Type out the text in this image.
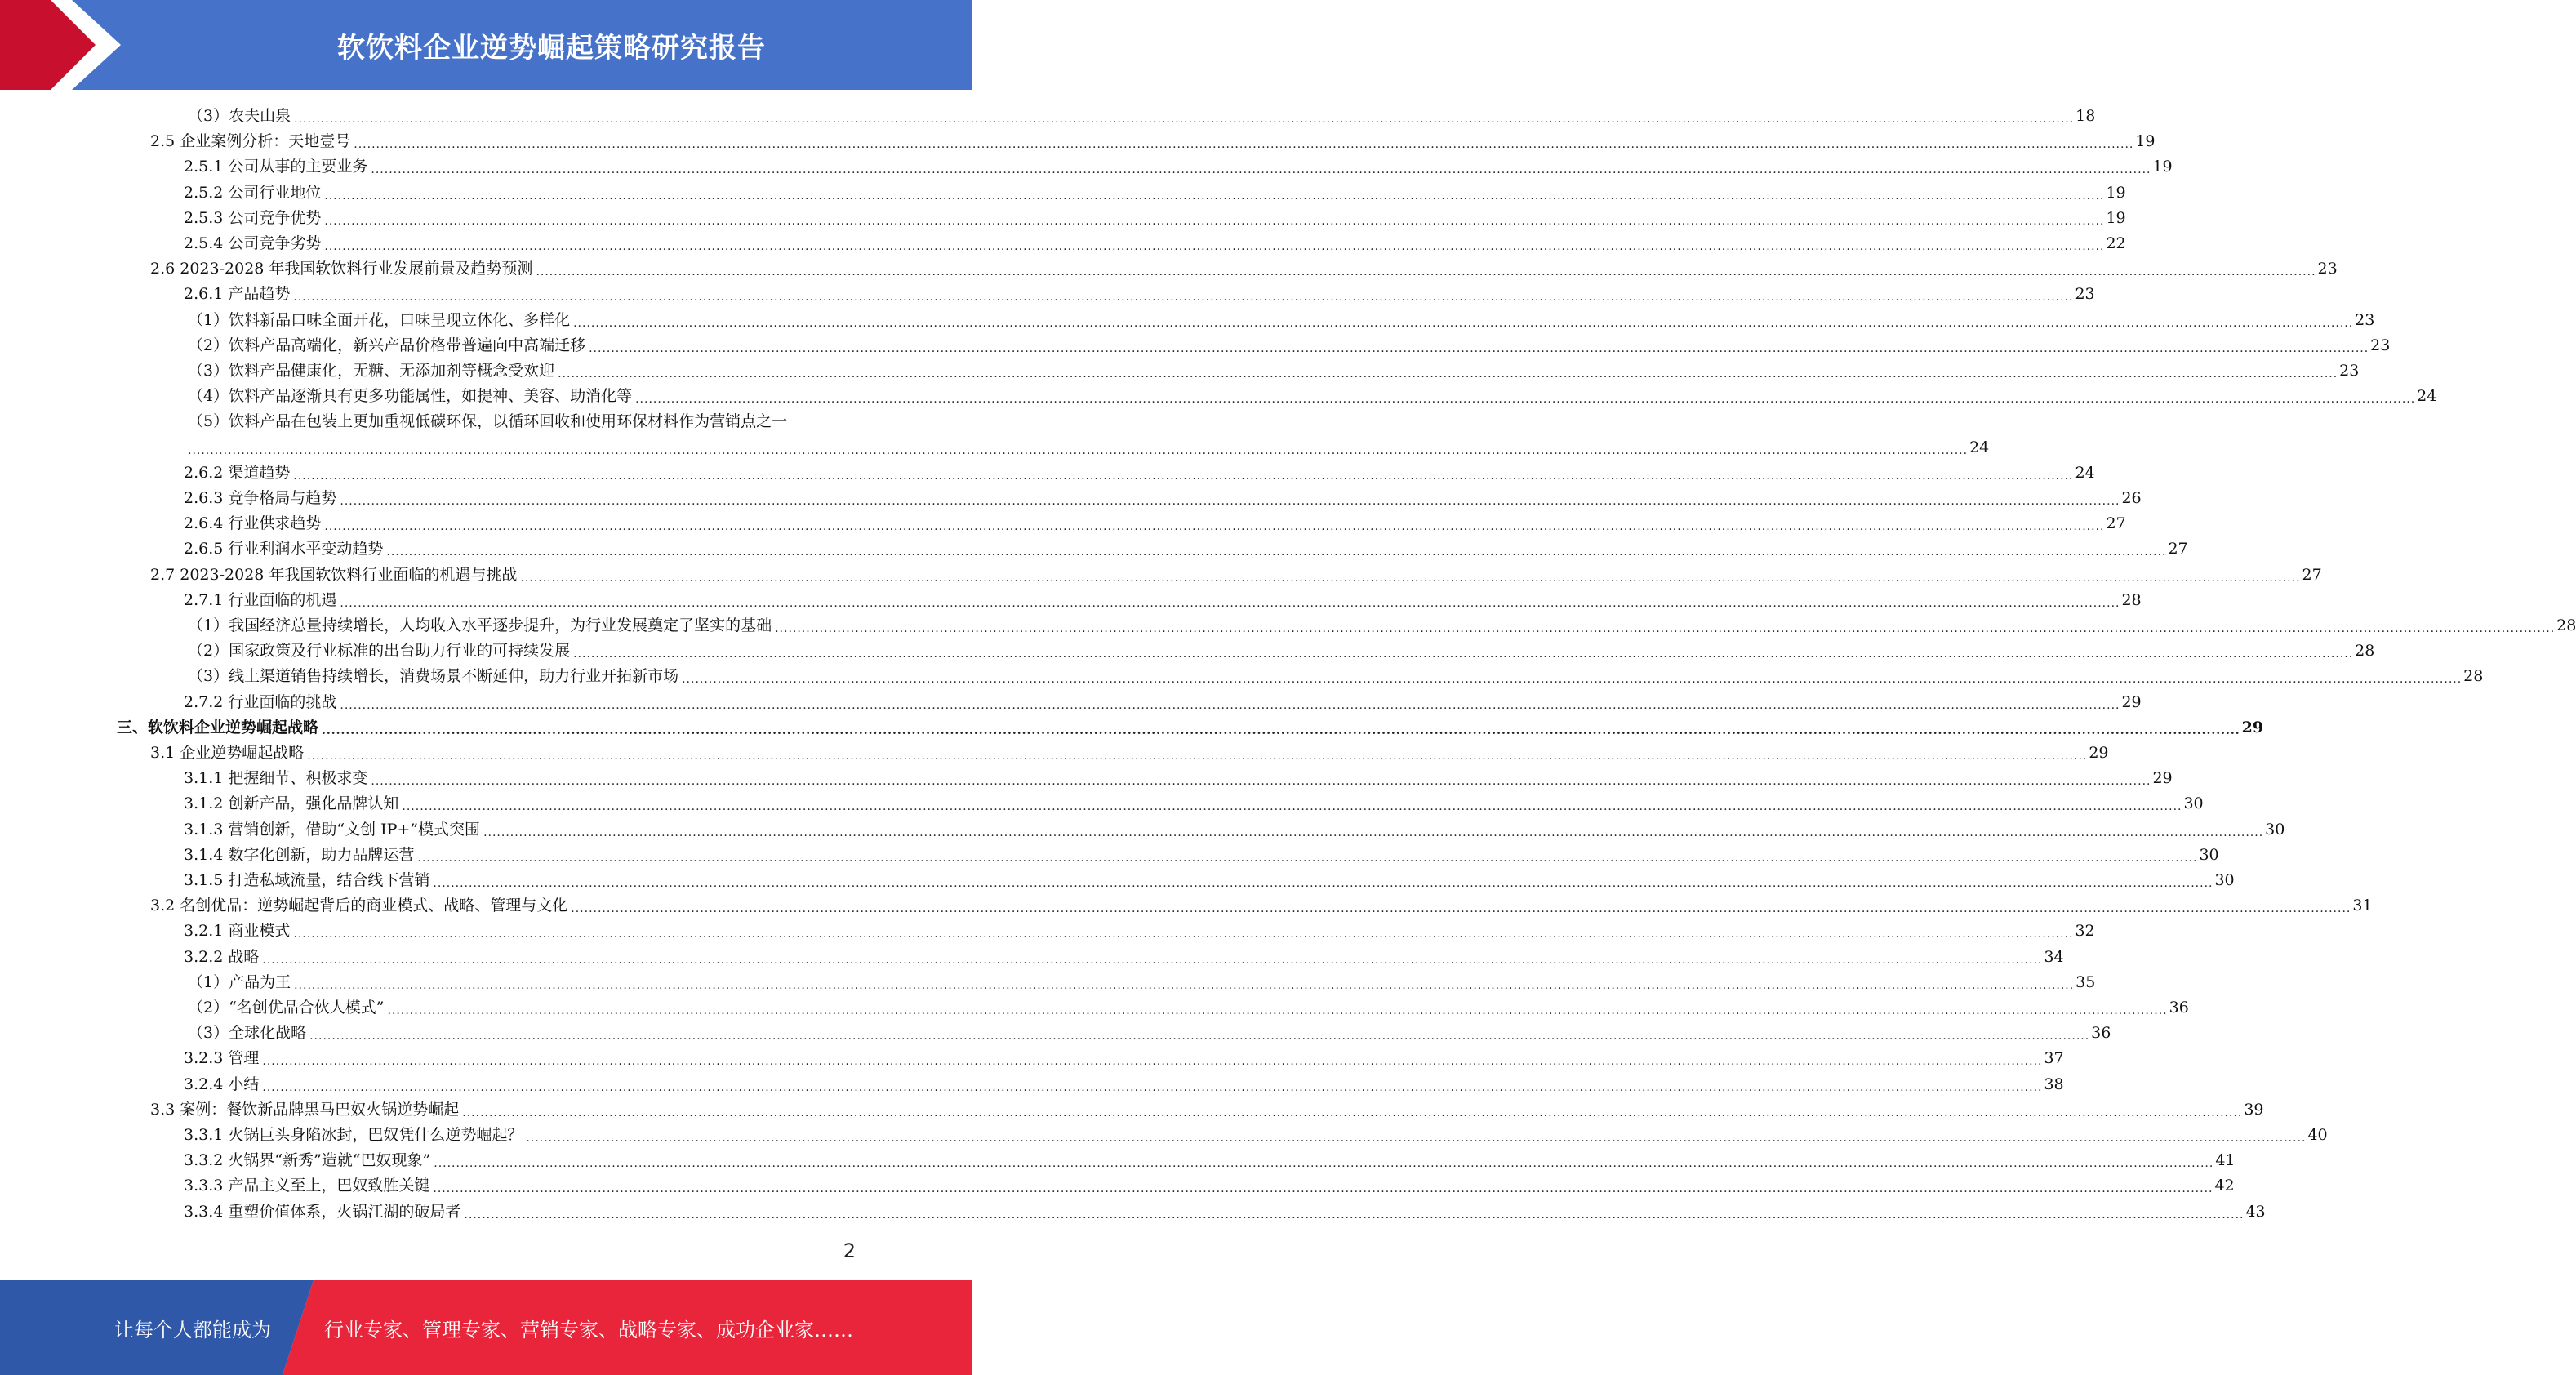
软饮料企业逆势崛起策略研究报告
（3）农夫山泉 ................................................................................................................................................................................................................................................................................................................................................................................................................ 18
2.5 企业案例分析：天地壹号 ................................................................................................................................................................................................................................................................................................................................................................................................................ 19
2.5.1 公司从事的主要业务 ................................................................................................................................................................................................................................................................................................................................................................................................................ 19
2.5.2 公司行业地位 ................................................................................................................................................................................................................................................................................................................................................................................................................ 19
2.5.3 公司竞争优势 ................................................................................................................................................................................................................................................................................................................................................................................................................ 19
2.5.4 公司竞争劣势 ................................................................................................................................................................................................................................................................................................................................................................................................................ 22
2.6 2023-2028 年我国软饮料行业发展前景及趋势预测 ................................................................................................................................................................................................................................................................................................................................................................................................................ 23
2.6.1 产品趋势 ................................................................................................................................................................................................................................................................................................................................................................................................................ 23
（1）饮料新品口味全面开花，口味呈现立体化、多样化 ................................................................................................................................................................................................................................................................................................................................................................................................................ 23
（2）饮料产品高端化，新兴产品价格带普遍向中高端迁移 ................................................................................................................................................................................................................................................................................................................................................................................................................ 23
（3）饮料产品健康化，无糖、无添加剂等概念受欢迎 ................................................................................................................................................................................................................................................................................................................................................................................................................ 23
（4）饮料产品逐渐具有更多功能属性，如提神、美容、助消化等 ................................................................................................................................................................................................................................................................................................................................................................................................................ 24
（5）饮料产品在包装上更加重视低碳环保，以循环回收和使用环保材料作为营销点之一
................................................................................................................................................................................................................................................................................................................................................................................................................ 24
2.6.2 渠道趋势 ................................................................................................................................................................................................................................................................................................................................................................................................................ 24
2.6.3 竞争格局与趋势 ................................................................................................................................................................................................................................................................................................................................................................................................................ 26
2.6.4 行业供求趋势 ................................................................................................................................................................................................................................................................................................................................................................................................................ 27
2.6.5 行业利润水平变动趋势 ................................................................................................................................................................................................................................................................................................................................................................................................................ 27
2.7 2023-2028 年我国软饮料行业面临的机遇与挑战 ................................................................................................................................................................................................................................................................................................................................................................................................................ 27
2.7.1 行业面临的机遇 ................................................................................................................................................................................................................................................................................................................................................................................................................ 28
（1）我国经济总量持续增长，人均收入水平逐步提升，为行业发展奠定了坚实的基础 ................................................................................................................................................................................................................................................................................................................................................................................................................ 28
（2）国家政策及行业标准的出台助力行业的可持续发展 ................................................................................................................................................................................................................................................................................................................................................................................................................ 28
（3）线上渠道销售持续增长，消费场景不断延伸，助力行业开拓新市场 ................................................................................................................................................................................................................................................................................................................................................................................................................ 28
2.7.2 行业面临的挑战 ................................................................................................................................................................................................................................................................................................................................................................................................................ 29
三、软饮料企业逆势崛起战略 ................................................................................................................................................................................................................................................................................................................................................................................................................ 29
3.1 企业逆势崛起战略 ................................................................................................................................................................................................................................................................................................................................................................................................................ 29
3.1.1 把握细节、积极求变 ................................................................................................................................................................................................................................................................................................................................................................................................................ 29
3.1.2 创新产品，强化品牌认知 ................................................................................................................................................................................................................................................................................................................................................................................................................ 30
3.1.3 营销创新，借助“文创 IP+”模式突围 ................................................................................................................................................................................................................................................................................................................................................................................................................ 30
3.1.4 数字化创新，助力品牌运营 ................................................................................................................................................................................................................................................................................................................................................................................................................ 30
3.1.5 打造私域流量，结合线下营销 ................................................................................................................................................................................................................................................................................................................................................................................................................ 30
3.2 名创优品：逆势崛起背后的商业模式、战略、管理与文化 ................................................................................................................................................................................................................................................................................................................................................................................................................ 31
3.2.1 商业模式 ................................................................................................................................................................................................................................................................................................................................................................................................................ 32
3.2.2 战略 ................................................................................................................................................................................................................................................................................................................................................................................................................ 34
（1）产品为王 ................................................................................................................................................................................................................................................................................................................................................................................................................ 35
（2）“名创优品合伙人模式” ................................................................................................................................................................................................................................................................................................................................................................................................................ 36
（3）全球化战略 ................................................................................................................................................................................................................................................................................................................................................................................................................ 36
3.2.3 管理 ................................................................................................................................................................................................................................................................................................................................................................................................................ 37
3.2.4 小结 ................................................................................................................................................................................................................................................................................................................................................................................................................ 38
3.3 案例：餐饮新品牌黑马巴奴火锅逆势崛起 ................................................................................................................................................................................................................................................................................................................................................................................................................ 39
3.3.1 火锅巨头身陷冰封，巴奴凭什么逆势崛起？ ................................................................................................................................................................................................................................................................................................................................................................................................................ 40
3.3.2 火锅界“新秀”造就“巴奴现象” ................................................................................................................................................................................................................................................................................................................................................................................................................ 41
3.3.3 产品主义至上，巴奴致胜关键 ................................................................................................................................................................................................................................................................................................................................................................................................................ 42
3.3.4 重塑价值体系，火锅江湖的破局者 ................................................................................................................................................................................................................................................................................................................................................................................................................ 43
2
让每个人都能成为	行业专家、管理专家、营销专家、战略专家、成功企业家……
